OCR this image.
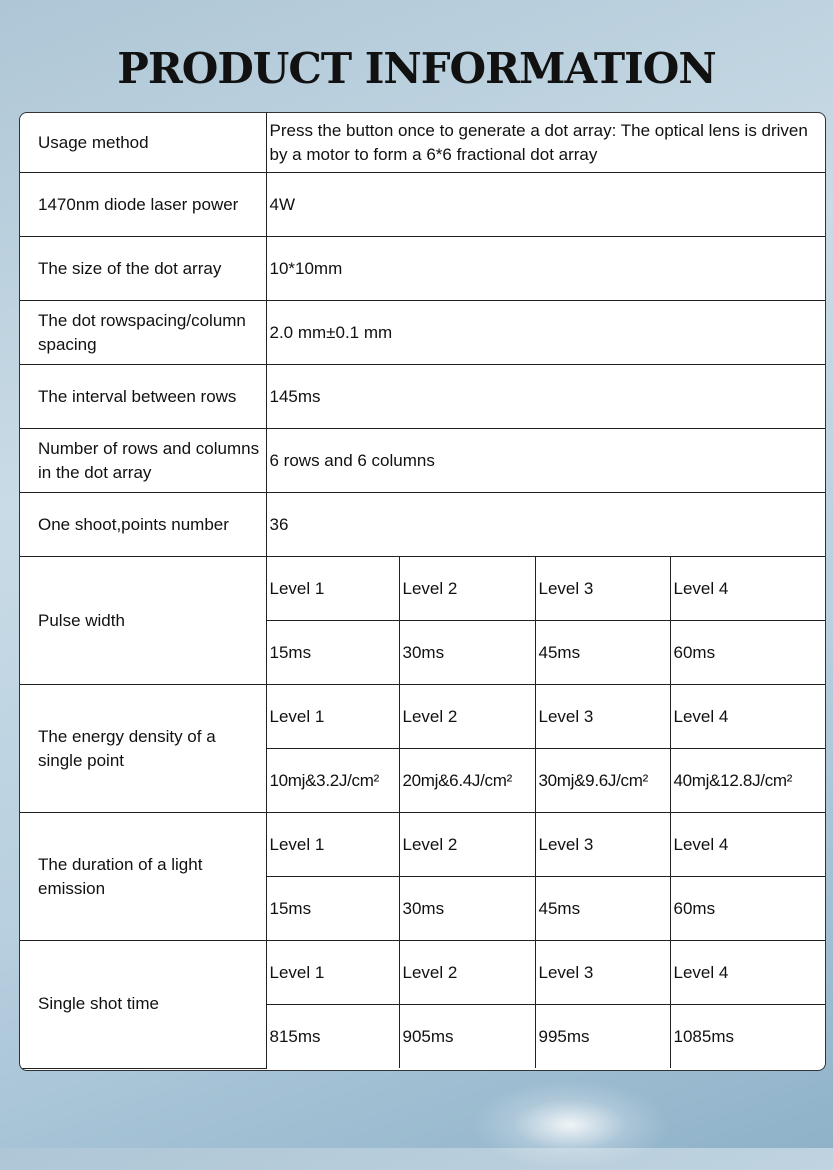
PRODUCT INFORMATION
Usage method	Press the button once to generate a dot array: The optical lens is driven by a motor to form a 6*6 fractional dot array			
1470nm diode laser power	4W			
The size of the dot array	10*10mm			
The dot rowspacing/column spacing	2.0 mm±0.1 mm			
The interval between rows	145ms			
Number of rows and columns in the dot array	6 rows and 6 columns			
One shoot,points number	36			
Pulse width	Level 1	Level 2	Level 3	Level 4
	15ms	30ms	45ms	60ms
The energy density of a single point	Level 1	Level 2	Level 3	Level 4
	10mj&3.2J/cm²	20mj&6.4J/cm²	30mj&9.6J/cm²	40mj&12.8J/cm²
The duration of a light emission	Level 1	Level 2	Level 3	Level 4
	15ms	30ms	45ms	60ms
Single shot time	Level 1	Level 2	Level 3	Level 4
	815ms	905ms	995ms	1085ms
